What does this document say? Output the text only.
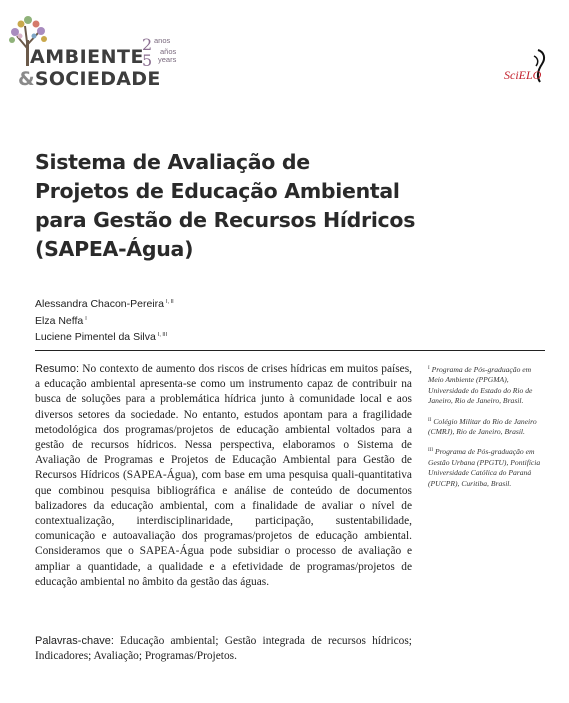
AMBIENTE
&SOCIEDADE
2
5
anos
años
years
SciELO
Sistema de Avaliação de
Projetos de Educação Ambiental
para Gestão de Recursos Hídricos
(SAPEA-Água)
Alessandra Chacon-Pereira $^{I, II}$
Elza Neffa $^I$
Luciene Pimentel da Silva $^{I, III}$

Resumo: No contexto de aumento dos riscos de crises hídricas em muitos países, a educação ambiental apresenta-se como um instrumento capaz de contribuir na busca de soluções para a problemática hídrica junto à comunidade local e aos diversos setores da sociedade. No entanto, estudos apontam para a fragilidade metodológica dos programas/projetos de educação ambiental voltados para a gestão de recursos hídricos. Nessa perspectiva, elaboramos o Sistema de Avaliação de Programas e Projetos de Educação Ambiental para Gestão de Recursos Hídricos (SAPEA-Água), com base em uma pesquisa quali-quantitativa que combinou pesquisa bibliográfica e análise de conteúdo de documentos balizadores da educação ambiental, com a finalidade de avaliar o nível de contextualização, interdisciplinaridade, participação, sustentabilidade, comunicação e autoavaliação dos programas/projetos de educação ambiental. Consideramos que o SAPEA-Água pode subsidiar o processo de avaliação e ampliar a quantidade, a qualidade e a efetividade de programas/projetos de educação ambiental no âmbito da gestão das águas.

Palavras-chave: Educação ambiental; Gestão integrada de recursos hídricos; Indicadores; Avaliação; Programas/Projetos.

$^I$ Programa de Pós-graduação em Meio Ambiente (PPGMA), Universidade do Estado do Rio de Janeiro, Rio de Janeiro, Brasil.
$^{II}$ Colégio Militar do Rio de Janeiro (CMRJ), Rio de Janeiro, Brasil.
$^{III}$ Programa de Pós-graduação em Gestão Urbana (PPGTU), Pontifícia Universidade Católica do Paraná (PUCPR), Curitiba, Brasil.
